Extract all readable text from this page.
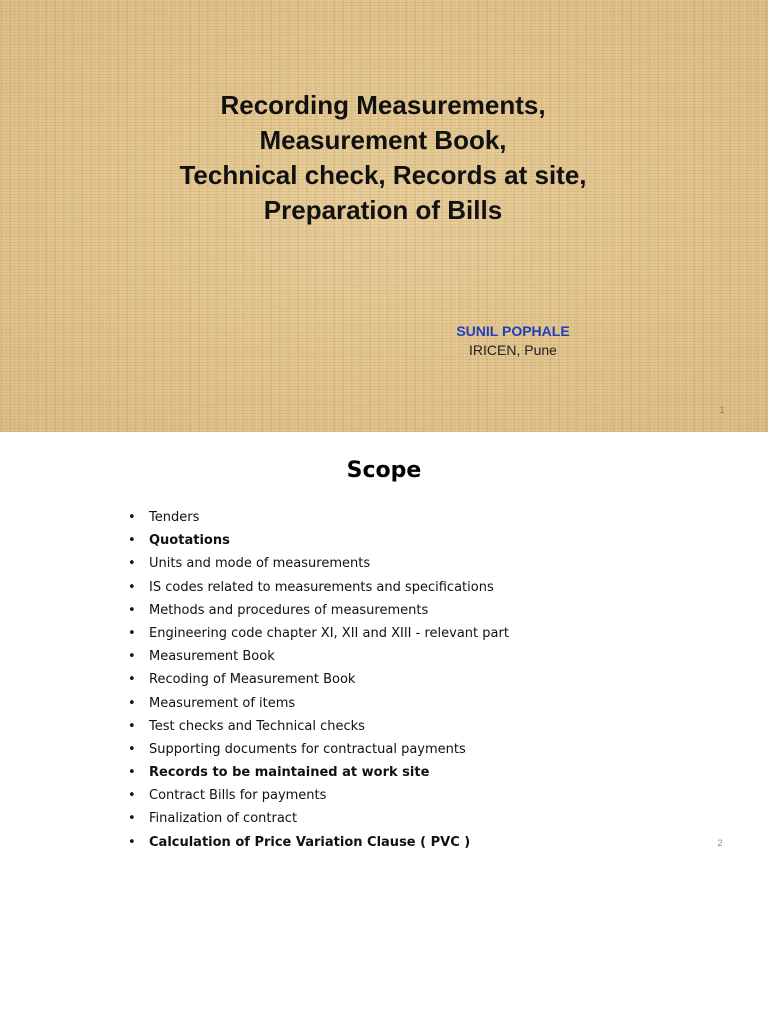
Recording Measurements,
Measurement Book,
Technical check, Records at site,
Preparation of Bills
SUNIL POPHALE
IRICEN, Pune
1
Scope
• Tenders
• Quotations
• Units and mode of measurements
• IS codes related to measurements and specifications
• Methods and procedures of measurements
• Engineering code chapter XI, XII and XIII - relevant part
• Measurement Book
• Recoding of Measurement Book
• Measurement of items
• Test checks and Technical checks
• Supporting documents for contractual payments
• Records to be maintained at work site
• Contract Bills for payments
• Finalization of contract
• Calculation of Price Variation Clause ( PVC )	2
